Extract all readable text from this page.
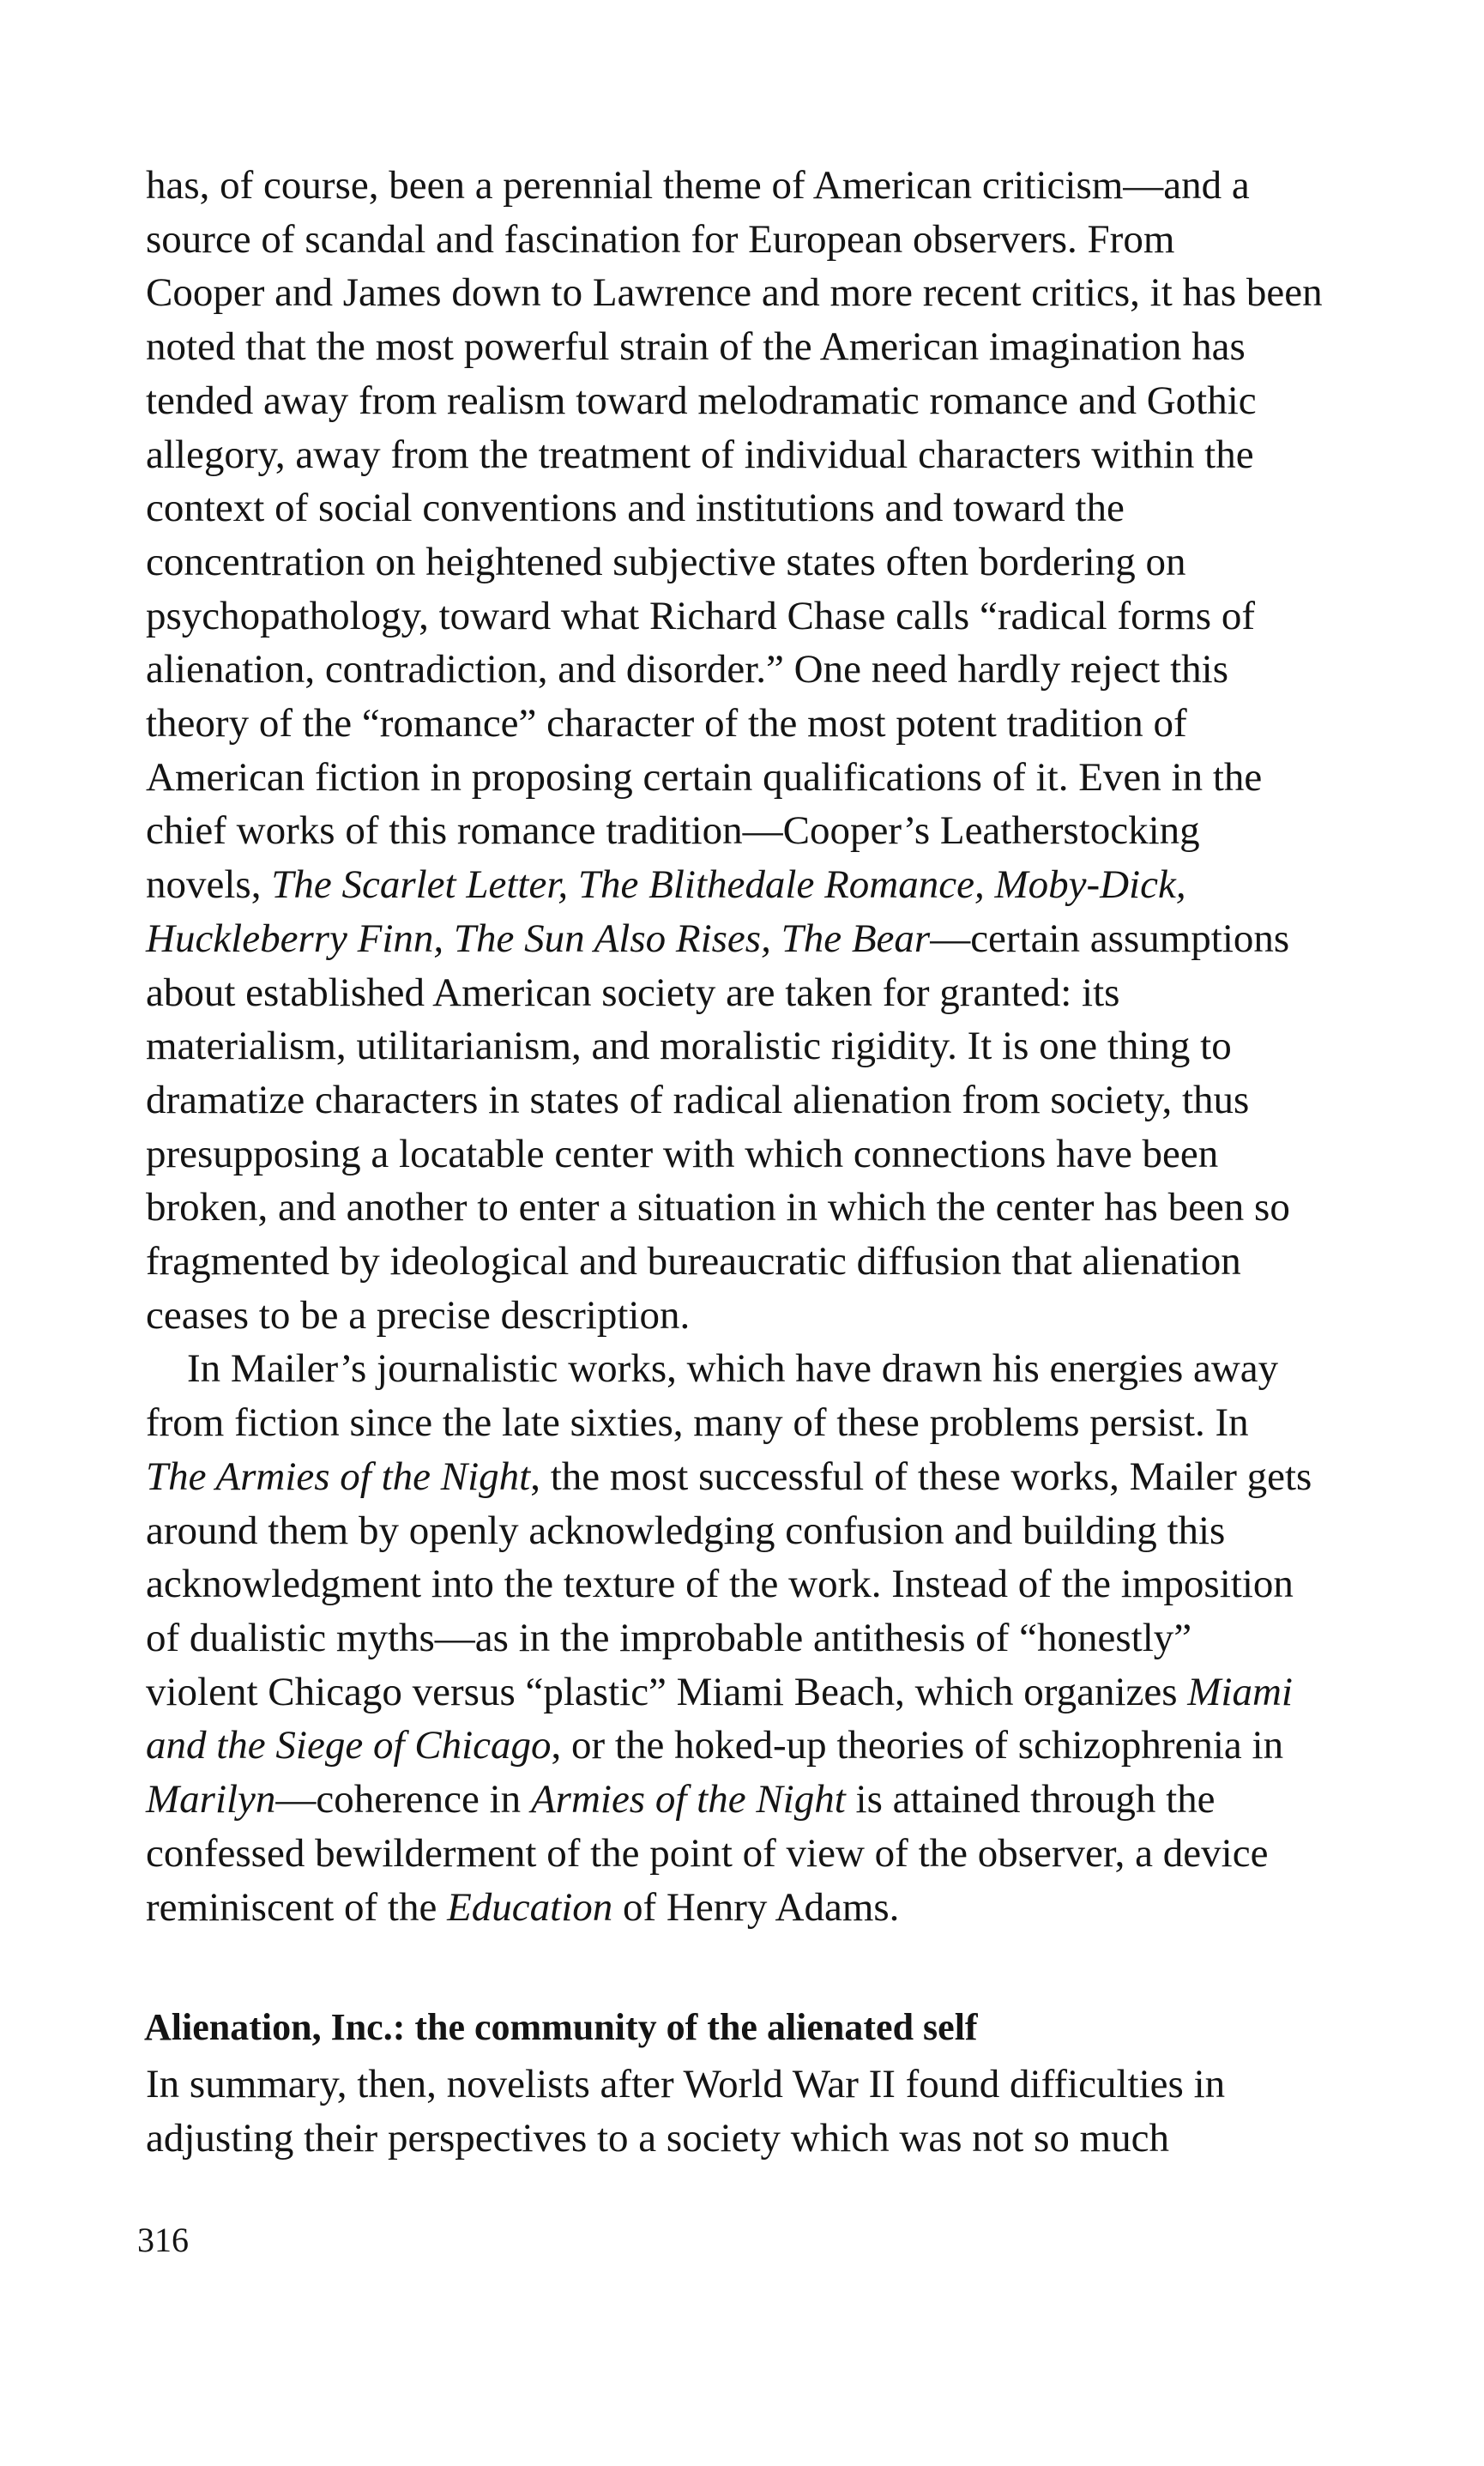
has, of course, been a perennial theme of American criticism—and a
source of scandal and fascination for European observers. From
Cooper and James down to Lawrence and more recent critics, it has been
noted that the most powerful strain of the American imagination has
tended away from realism toward melodramatic romance and Gothic
allegory, away from the treatment of individual characters within the
context of social conventions and institutions and toward the
concentration on heightened subjective states often bordering on
psychopathology, toward what Richard Chase calls “radical forms of
alienation, contradiction, and disorder.” One need hardly reject this
theory of the “romance” character of the most potent tradition of
American fiction in proposing certain qualifications of it. Even in the
chief works of this romance tradition—Cooper’s Leatherstocking
novels, The Scarlet Letter, The Blithedale Romance, Moby-Dick,
Huckleberry Finn, The Sun Also Rises, The Bear—certain assumptions
about established American society are taken for granted: its
materialism, utilitarianism, and moralistic rigidity. It is one thing to
dramatize characters in states of radical alienation from society, thus
presupposing a locatable center with which connections have been
broken, and another to enter a situation in which the center has been so
fragmented by ideological and bureaucratic diffusion that alienation
ceases to be a precise description.
In Mailer’s journalistic works, which have drawn his energies away
from fiction since the late sixties, many of these problems persist. In
The Armies of the Night, the most successful of these works, Mailer gets
around them by openly acknowledging confusion and building this
acknowledgment into the texture of the work. Instead of the imposition
of dualistic myths—as in the improbable antithesis of “honestly”
violent Chicago versus “plastic” Miami Beach, which organizes Miami
and the Siege of Chicago, or the hoked-up theories of schizophrenia in
Marilyn—coherence in Armies of the Night is attained through the
confessed bewilderment of the point of view of the observer, a device
reminiscent of the Education of Henry Adams.
Alienation, Inc.: the community of the alienated self
In summary, then, novelists after World War II found difficulties in
adjusting their perspectives to a society which was not so much
316
